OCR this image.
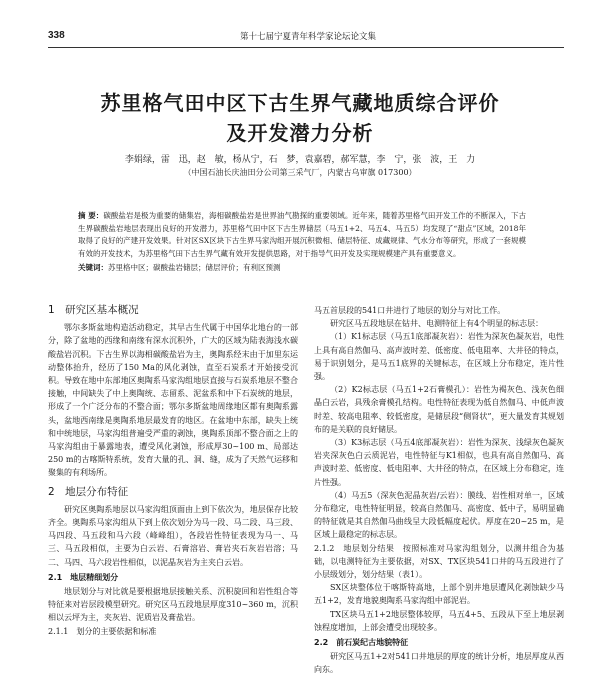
338	第十七届宁夏青年科学家论坛论文集
苏里格气田中区下古生界气藏地质综合评价
及开发潜力分析
李娟绿，雷 迅，赵 敏，杨从宁，石 梦，袁嘉碧，郝军慧，李 宁，张 波，王 力
（中国石油长庆油田分公司第三采气厂，内蒙古乌审旗 017300）
摘 要：碳酸盐岩是极为重要的储集岩，海相碳酸盐岩是世界油气勘探的重要领域。近年来，随着苏里格气田开发工作的不断深入，下古生界碳酸盐岩地层表现出良好的开发潜力，苏里格气田中区下古生界储层（马五1+2、马五4、马五5）均发现了“甜点”区域，2018年取得了良好的产建开发效果。针对区SX区块下古生界马家沟组开展沉积微相、储层特征、成藏规律、气水分布等研究，形成了一套规模有效的开发技术，为苏里格气田下古生界气藏有效开发提供思路，对于指导气田开发及实现规模建产具有重要意义。
关键词：苏里格中区；碳酸盐岩储层；储层评价；有利区预测
1　研究区基本概况

鄂尔多斯盆地构造活动稳定，其早古生代属于中国华北地台的一部分，除了盆地的西缘和南缘有深水沉积外，广大的区域为陆表海浅水碳酸盐岩沉积。下古生界以海相碳酸盐岩为主，奥陶系经末由于加里东运动整体抬升，经历了150 Ma的风化剥蚀，直至石炭系才开始接受沉积。导致在地中东部地区奥陶系马家沟组地层直接与石炭系地层不整合接触，中间缺失了中上奥陶统、志留系、泥盆系和中下石炭统的地层，形成了一个广泛分布的不整合面；鄂尔多斯盆地周缘地区都有奥陶系露头，盆地西南缘是奥陶系地层最发育的地区。在盆地中东部，缺失上统和中统地层，马家沟组普遍受严重的剥蚀，奥陶系顶部不整合面之上的马家沟组由于暴露地表，遭受风化剥蚀，形成厚30~100 m、局部达250 m的古喀斯特系统，发育大量的孔、洞、缝，成为了天然气运移和聚集的有利场所。

2　地层分布特征

研究区奥陶系地层以马家沟组顶面由上到下依次为，地层保存比较齐全。奥陶系马家沟组从下到上依次划分为马一段、马二段、马三段、马四段、马五段和马六段（峰峰组），各段岩性特征表现为马一、马三、马五段相似，主要为白云岩、石膏溶岩、膏岩夹石灰岩岩溶；马二、马四、马六段岩性相似，以泥晶灰岩为主夹白云岩。

2.1　地层精细划分

地层划分与对比就是要根据地层接触关系、沉积旋回和岩性组合等特征来对岩层段模型研究。研究区马五段地层厚度310~360 m，沉积相以云坪为主，夹灰岩、泥质岩及膏盐岩。

2.1.1　划分的主要依据和标准

马五首层段的541口井进行了地层的划分与对比工作。

研究区马五段地层在钻井、电测特征上有4个明显的标志层：

（1）K1标志层（马五1底部凝灰岩）：岩性为深灰色凝灰岩，电性上具有高自然伽马、高声波时差、低密度、低电阻率、大井径的特点，易于识别划分，是马五1底界的关键标志，在区域上分布稳定，连片性强。

（2）K2标志层（马五1+2石膏模孔）：岩性为褐灰色、浅灰色细晶白云岩，具残余膏模孔结构。电性特征表现为低自然伽马、中低声波时差、较高电阻率、较低密度，是储层段“侧肾状”，更大量发育其规划布的是关联的良好储层。

（3）K3标志层（马五4底部凝灰岩）：岩性为深灰、浅绿灰色凝灰岩夹深灰色白云质泥岩，电性特征与K1相似，也具有高自然伽马、高声波时差、低密度、低电阻率、大井径的特点，在区域上分布稳定，连片性强。

（4）马五5（深灰色泥晶灰岩/云岩）：膜线、岩性相对单一，区域分布稳定，电性特征明显，较高自然伽马、高密度、低中子，易明显确的特征就是其自然伽马曲线呈大段低幅度起伏。厚度在20~25 m，是区域上最稳定的标志层。

2.1.2　地层划分结果　按照标准对马家沟组划分，以测井组合为基础，以电测特征为主要依据，对SX、TX区块541口井的马五段进行了小层级划分，划分结果（表1）。

SX区块整体位于喀斯特高地，上部个别井地层遭风化剥蚀缺少马五1+2，发育地貌奥陶系马家沟组中部泥岩。

TX区块马五1+2地层整体较厚，马五4+5、五段从下至上地层剥蚀程度增加，上部会遭受出现较多。

2.2　前石炭纪古地貌特征

研究区马五1+2对541口井地层的厚度的统计分析，地层厚度从西向东。
